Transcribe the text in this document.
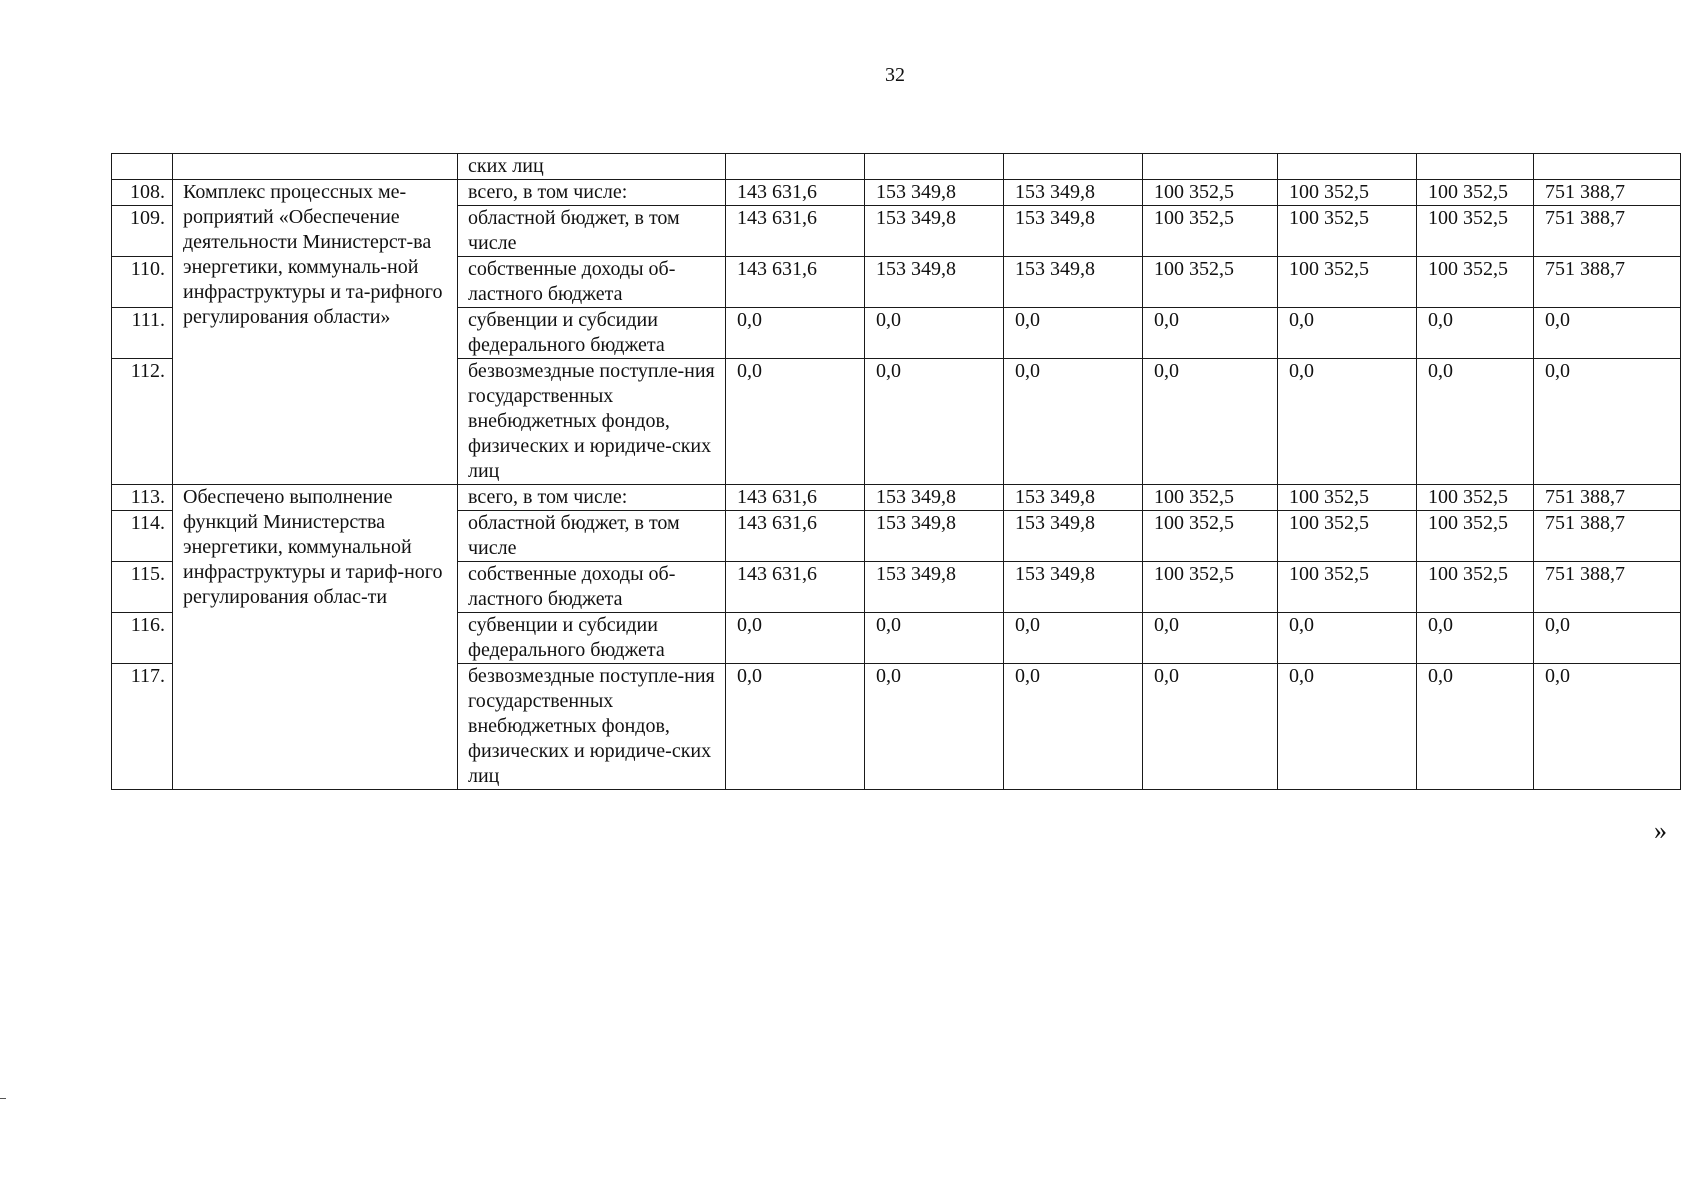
32
		ских лиц							
108.	Комплекс процессных ме-роприятий «Обеспечение деятельности Министерст-ва энергетики, коммуналь-ной инфраструктуры и та-рифного регулирования области»	всего, в том числе:	143 631,6	153 349,8	153 349,8	100 352,5	100 352,5	100 352,5	751 388,7
109.		областной бюджет, в том числе	143 631,6	153 349,8	153 349,8	100 352,5	100 352,5	100 352,5	751 388,7
110.		собственные доходы об-ластного бюджета	143 631,6	153 349,8	153 349,8	100 352,5	100 352,5	100 352,5	751 388,7
111.		субвенции и субсидии федерального бюджета	0,0	0,0	0,0	0,0	0,0	0,0	0,0
112.		безвозмездные поступле-ния государственных внебюджетных фондов, физических и юридиче-ских лиц	0,0	0,0	0,0	0,0	0,0	0,0	0,0
113.	Обеспечено выполнение функций Министерства энергетики, коммунальной инфраструктуры и тариф-ного регулирования облас-ти	всего, в том числе:	143 631,6	153 349,8	153 349,8	100 352,5	100 352,5	100 352,5	751 388,7
114.		областной бюджет, в том числе	143 631,6	153 349,8	153 349,8	100 352,5	100 352,5	100 352,5	751 388,7
115.		собственные доходы об-ластного бюджета	143 631,6	153 349,8	153 349,8	100 352,5	100 352,5	100 352,5	751 388,7
116.		субвенции и субсидии федерального бюджета	0,0	0,0	0,0	0,0	0,0	0,0	0,0
117.		безвозмездные поступле-ния государственных внебюджетных фондов, физических и юридиче-ских лиц	0,0	0,0	0,0	0,0	0,0	0,0	0,0
»
